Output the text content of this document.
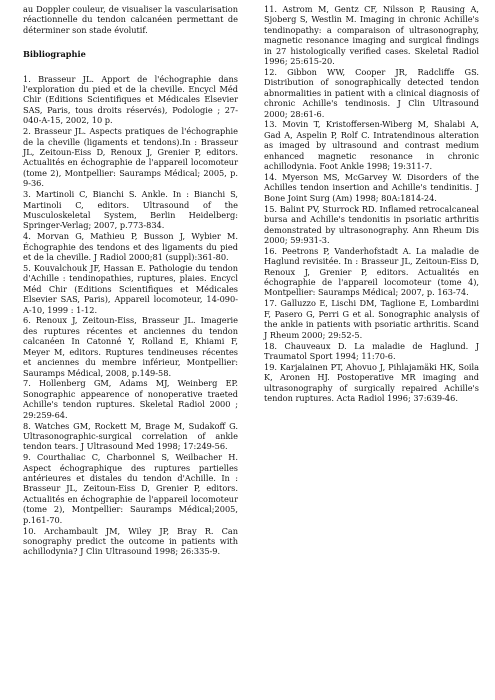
au Doppler couleur, de visualiser la vascularisation réactionnelle du tendon calcanéen permettant de déterminer son stade évolutif.

Bibliographie

1. Brasseur JL. Apport de l'échographie dans l'exploration du pied et de la cheville. Encycl Méd Chir (Editions Scientifiques et Médicales Elsevier SAS, Paris, tous droits réservés), Podologie ; 27-040-A-15, 2002, 10 p.

2. Brasseur JL. Aspects pratiques de l'échographie de la cheville (ligaments et tendons).In : Brasseur JL, Zeitoun-Eiss D, Renoux J, Grenier P, editors. Actualités en échographie de l'appareil locomoteur (tome 2), Montpellier: Sauramps Médical; 2005, p. 9-36.

3. Martinoli C, Bianchi S. Ankle. In : Bianchi S, Martinoli C, editors. Ultrasound of the Musculoskeletal System, Berlin Heidelberg: Springer-Verlag; 2007, p.773-834.

4. Morvan G, Mathieu P, Busson J, Wybier M. Échographie des tendons et des ligaments du pied et de la cheville. J Radiol 2000;81 (suppl):361-80.

5. Kouvalchouk JF, Hassan E. Pathologie du tendon d'Achille : tendinopathies, ruptures, plaies. Encycl Méd Chir (Editions Scientifiques et Médicales Elsevier SAS, Paris), Appareil locomoteur, 14-090-A-10, 1999 : 1-12.

6. Renoux J, Zeitoun-Eiss, Brasseur JL. Imagerie des ruptures récentes et anciennes du tendon calcanéen In Catonné Y, Rolland E, Khiami F, Meyer M, editors. Ruptures tendineuses récentes et anciennes du membre inférieur, Montpellier: Sauramps Médical, 2008, p.149-58.

7. Hollenberg GM, Adams MJ, Weinberg EP. Sonographic appearence of nonoperative traeted Achille's tendon ruptures. Skeletal Radiol 2000 ; 29:259-64.

8. Watches GM, Rockett M, Brage M, Sudakoff G. Ultrasonographic-surgical correlation of ankle tendon tears. J Ultrasound Med 1998; 17:249-56.

9. Courthaliac C, Charbonnel S, Weilbacher H. Aspect échographique des ruptures partielles antérieures et distales du tendon d'Achille. In : Brasseur JL, Zeitoun-Eiss D, Grenier P, editors. Actualités en échographie de l'appareil locomoteur (tome 2), Montpellier: Sauramps Médical;2005, p.161-70.

10. Archambault JM, Wiley JP, Bray R. Can sonography predict the outcome in patients with achillodynia? J Clin Ultrasound 1998; 26:335-9.

11. Astrom M, Gentz CF, Nilsson P, Rausing A, Sjoberg S, Westlin M. Imaging in chronic Achille's tendinopathy: a comparaison of ultrasonography, magnetic resonance imaging and surgical findings in 27 histologically verified cases. Skeletal Radiol 1996; 25:615-20.

12. Gibbon WW, Cooper JR, Radcliffe GS. Distribution of sonographically detected tendon abnormalities in patient with a clinical diagnosis of chronic Achille's tendinosis. J Clin Ultrasound 2000; 28:61-6.

13. Movin T, Kristoffersen-Wiberg M, Shalabi A, Gad A, Aspelin P, Rolf C. Intratendinous alteration as imaged by ultrasound and contrast medium enhanced magnetic resonance in chronic achillodynia. Foot Ankle 1998; 19:311-7.

14. Myerson MS, McGarvey W. Disorders of the Achilles tendon insertion and Achille's tendinitis. J Bone Joint Surg (Am) 1998; 80A:1814-24.

15. Balint PV, Sturrock RD. Inflamed retrocalcaneal bursa and Achille's tendonitis in psoriatic arthritis demonstrated by ultrasonography. Ann Rheum Dis 2000; 59:931-3.

16. Peetrons P, Vanderhofstadt A. La maladie de Haglund revisitée. In : Brasseur JL, Zeitoun-Eiss D, Renoux J, Grenier P, editors. Actualités en échographie de l'appareil locomoteur (tome 4), Montpellier: Sauramps Médical; 2007, p. 163-74.

17. Galluzzo E, Lischi DM, Taglione E, Lombardini F, Pasero G, Perri G et al. Sonographic analysis of the ankle in patients with psoriatic arthritis. Scand J Rheum 2000; 29:52-5.

18. Chauveaux D. La maladie de Haglund. J Traumatol Sport 1994; 11:70-6.

19. Karjalainen PT, Ahovuo J, Pihlajamäki HK, Soila K, Aronen HJ. Postoperative MR imaging and ultrasonography of surgically repaired Achille's tendon ruptures. Acta Radiol 1996; 37:639-46.
